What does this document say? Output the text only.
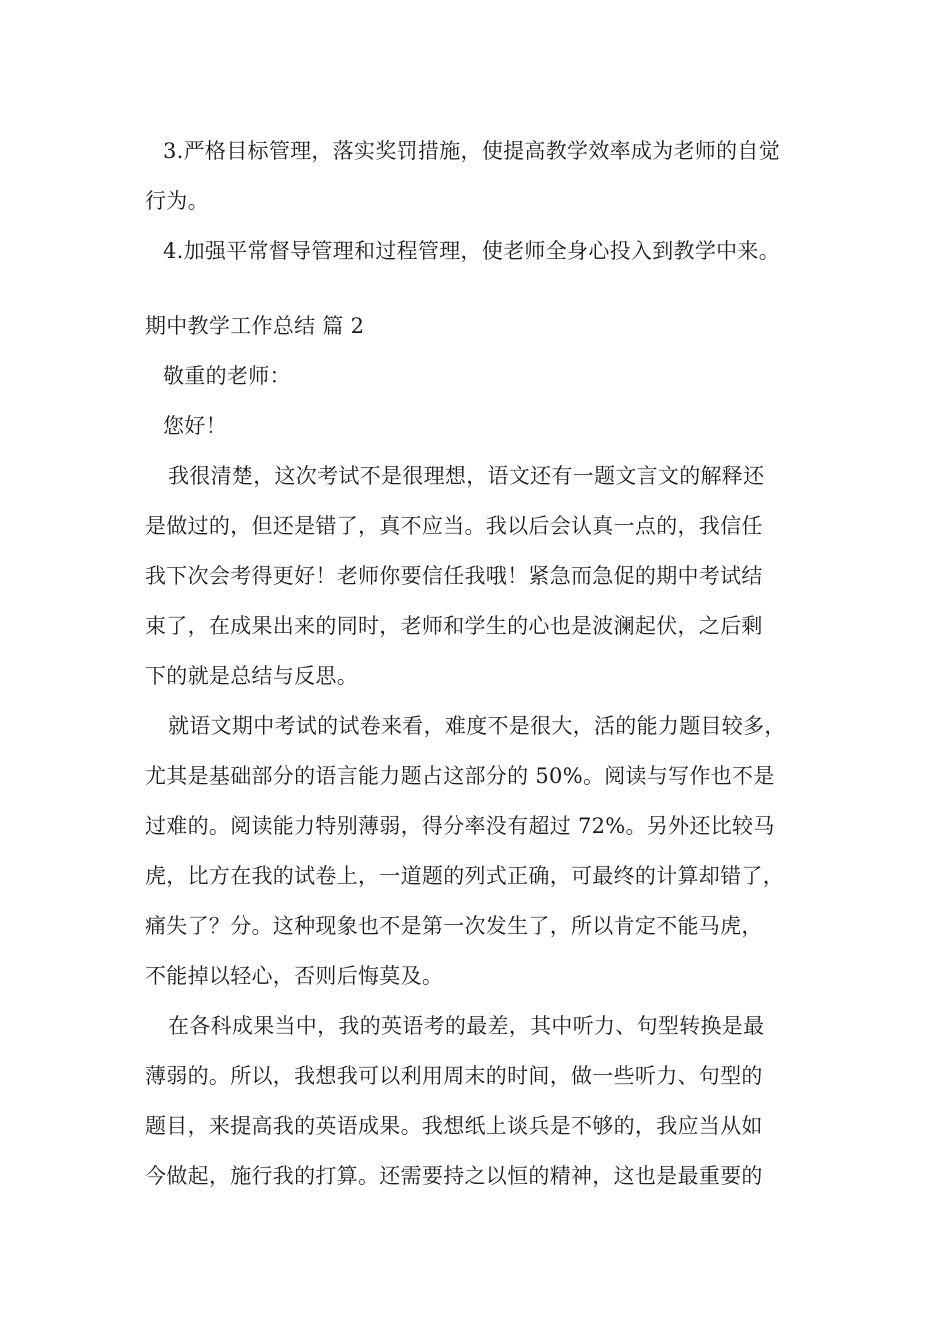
3.严格目标管理，落实奖罚措施，使提高教学效率成为老师的自觉
行为。
4.加强平常督导管理和过程管理，使老师全身心投入到教学中来。
期中教学工作总结 篇 2
敬重的老师：
您好！
我很清楚，这次考试不是很理想，语文还有一题文言文的解释还
是做过的，但还是错了，真不应当。我以后会认真一点的，我信任
我下次会考得更好！老师你要信任我哦！紧急而急促的期中考试结
束了，在成果出来的同时，老师和学生的心也是波澜起伏，之后剩
下的就是总结与反思。
就语文期中考试的试卷来看，难度不是很大，活的能力题目较多，
尤其是基础部分的语言能力题占这部分的 50%。阅读与写作也不是
过难的。阅读能力特别薄弱，得分率没有超过 72%。另外还比较马
虎，比方在我的试卷上，一道题的列式正确，可最终的计算却错了，
痛失了？分。这种现象也不是第一次发生了，所以肯定不能马虎，
不能掉以轻心，否则后悔莫及。
在各科成果当中，我的英语考的最差，其中听力、句型转换是最
薄弱的。所以，我想我可以利用周末的时间，做一些听力、句型的
题目，来提高我的英语成果。我想纸上谈兵是不够的，我应当从如
今做起，施行我的打算。还需要持之以恒的精神，这也是最重要的
